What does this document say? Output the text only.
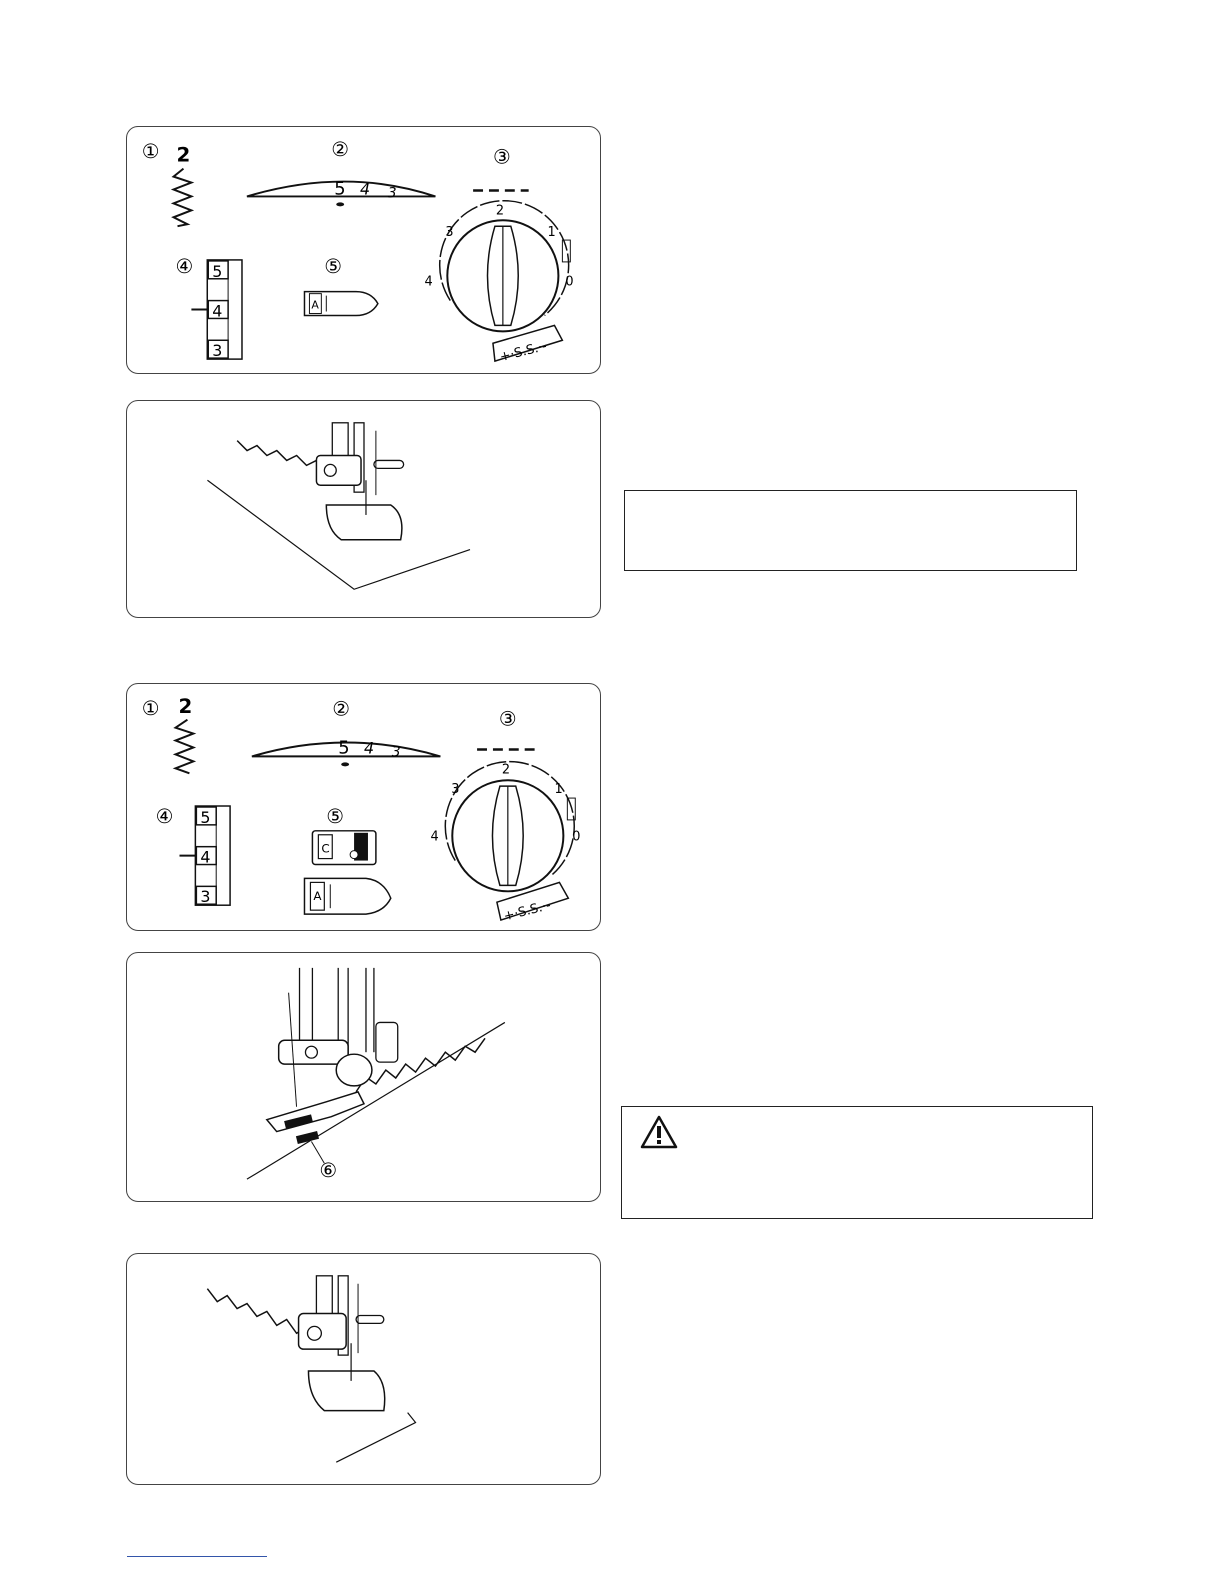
① 2	②
5 4 3
③
2
3	1
4	0
+·S.S.·-
④ 5
4
3
⑤
A
① 2	②
5 4 3
③
2
3	1
4	0
+·S.S.·-
④ 5
4
3
⑤
C
A
⑥
